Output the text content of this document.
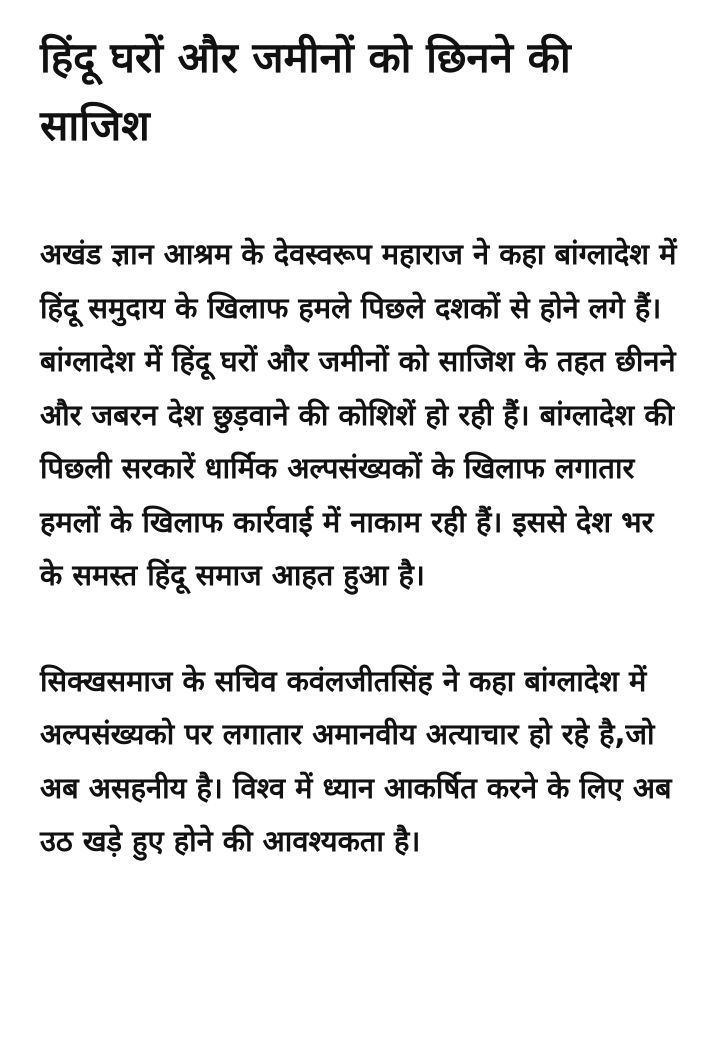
हिंदू घरों और जमीनों को छिनने की साजिश

अखंड ज्ञान आश्रम के देवस्वरूप महाराज ने कहा बांग्लादेश में हिंदू समुदाय के खिलाफ हमले पिछले दशकों से होने लगे हैं। बांग्लादेश में हिंदू घरों और जमीनों को साजिश के तहत छीनने और जबरन देश छुड़वाने की कोशिशें हो रही हैं। बांग्लादेश की पिछली सरकारें धार्मिक अल्पसंख्यकों के खिलाफ लगातार हमलों के खिलाफ कार्रवाई में नाकाम रही हैं। इससे देश भर के समस्त हिंदू समाज आहत हुआ है।

सिक्खसमाज के सचिव कवंलजीतसिंह ने कहा बांग्लादेश में अल्पसंख्यको पर लगातार अमानवीय अत्याचार हो रहे है,जो अब असहनीय है। विश्व में ध्यान आकर्षित करने के लिए अब उठ खड़े हुए होने की आवश्यकता है।
